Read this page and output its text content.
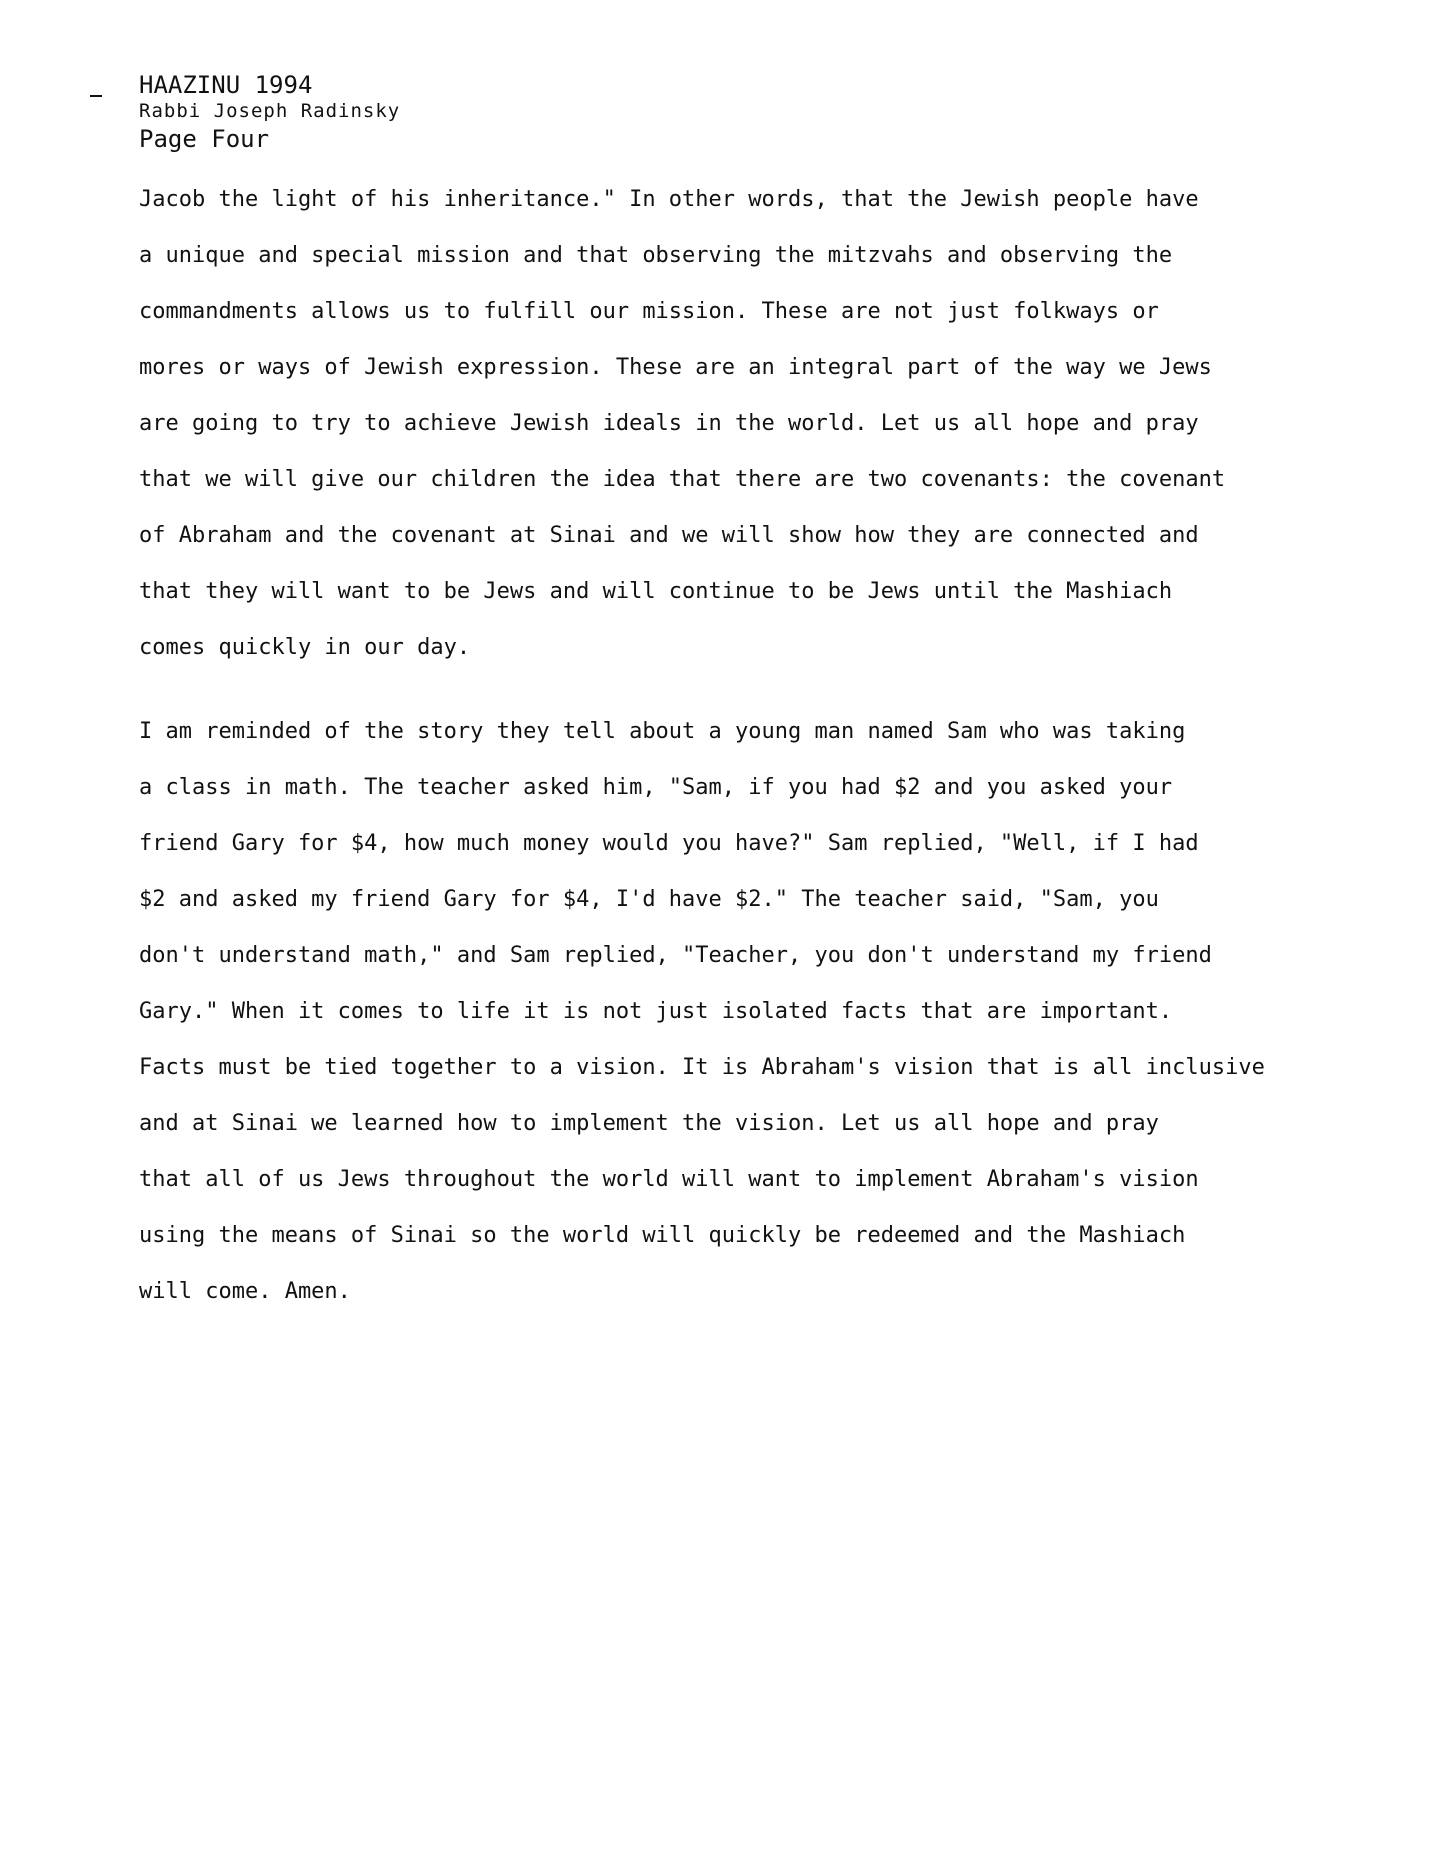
HAAZINU 1994
Rabbi Joseph Radinsky
Page Four
Jacob the light of his inheritance." In other words, that the Jewish people have
a unique and special mission and that observing the mitzvahs and observing the
commandments allows us to fulfill our mission. These are not just folkways or
mores or ways of Jewish expression. These are an integral part of the way we Jews
are going to try to achieve Jewish ideals in the world. Let us all hope and pray
that we will give our children the idea that there are two covenants: the covenant
of Abraham and the covenant at Sinai and we will show how they are connected and
that they will want to be Jews and will continue to be Jews until the Mashiach
comes quickly in our day.
I am reminded of the story they tell about a young man named Sam who was taking
a class in math. The teacher asked him, "Sam, if you had $2 and you asked your
friend Gary for $4, how much money would you have?" Sam replied, "Well, if I had
$2 and asked my friend Gary for $4, I'd have $2." The teacher said, "Sam, you
don't understand math," and Sam replied, "Teacher, you don't understand my friend
Gary." When it comes to life it is not just isolated facts that are important.
Facts must be tied together to a vision. It is Abraham's vision that is all inclusive
and at Sinai we learned how to implement the vision. Let us all hope and pray
that all of us Jews throughout the world will want to implement Abraham's vision
using the means of Sinai so the world will quickly be redeemed and the Mashiach
will come. Amen.
